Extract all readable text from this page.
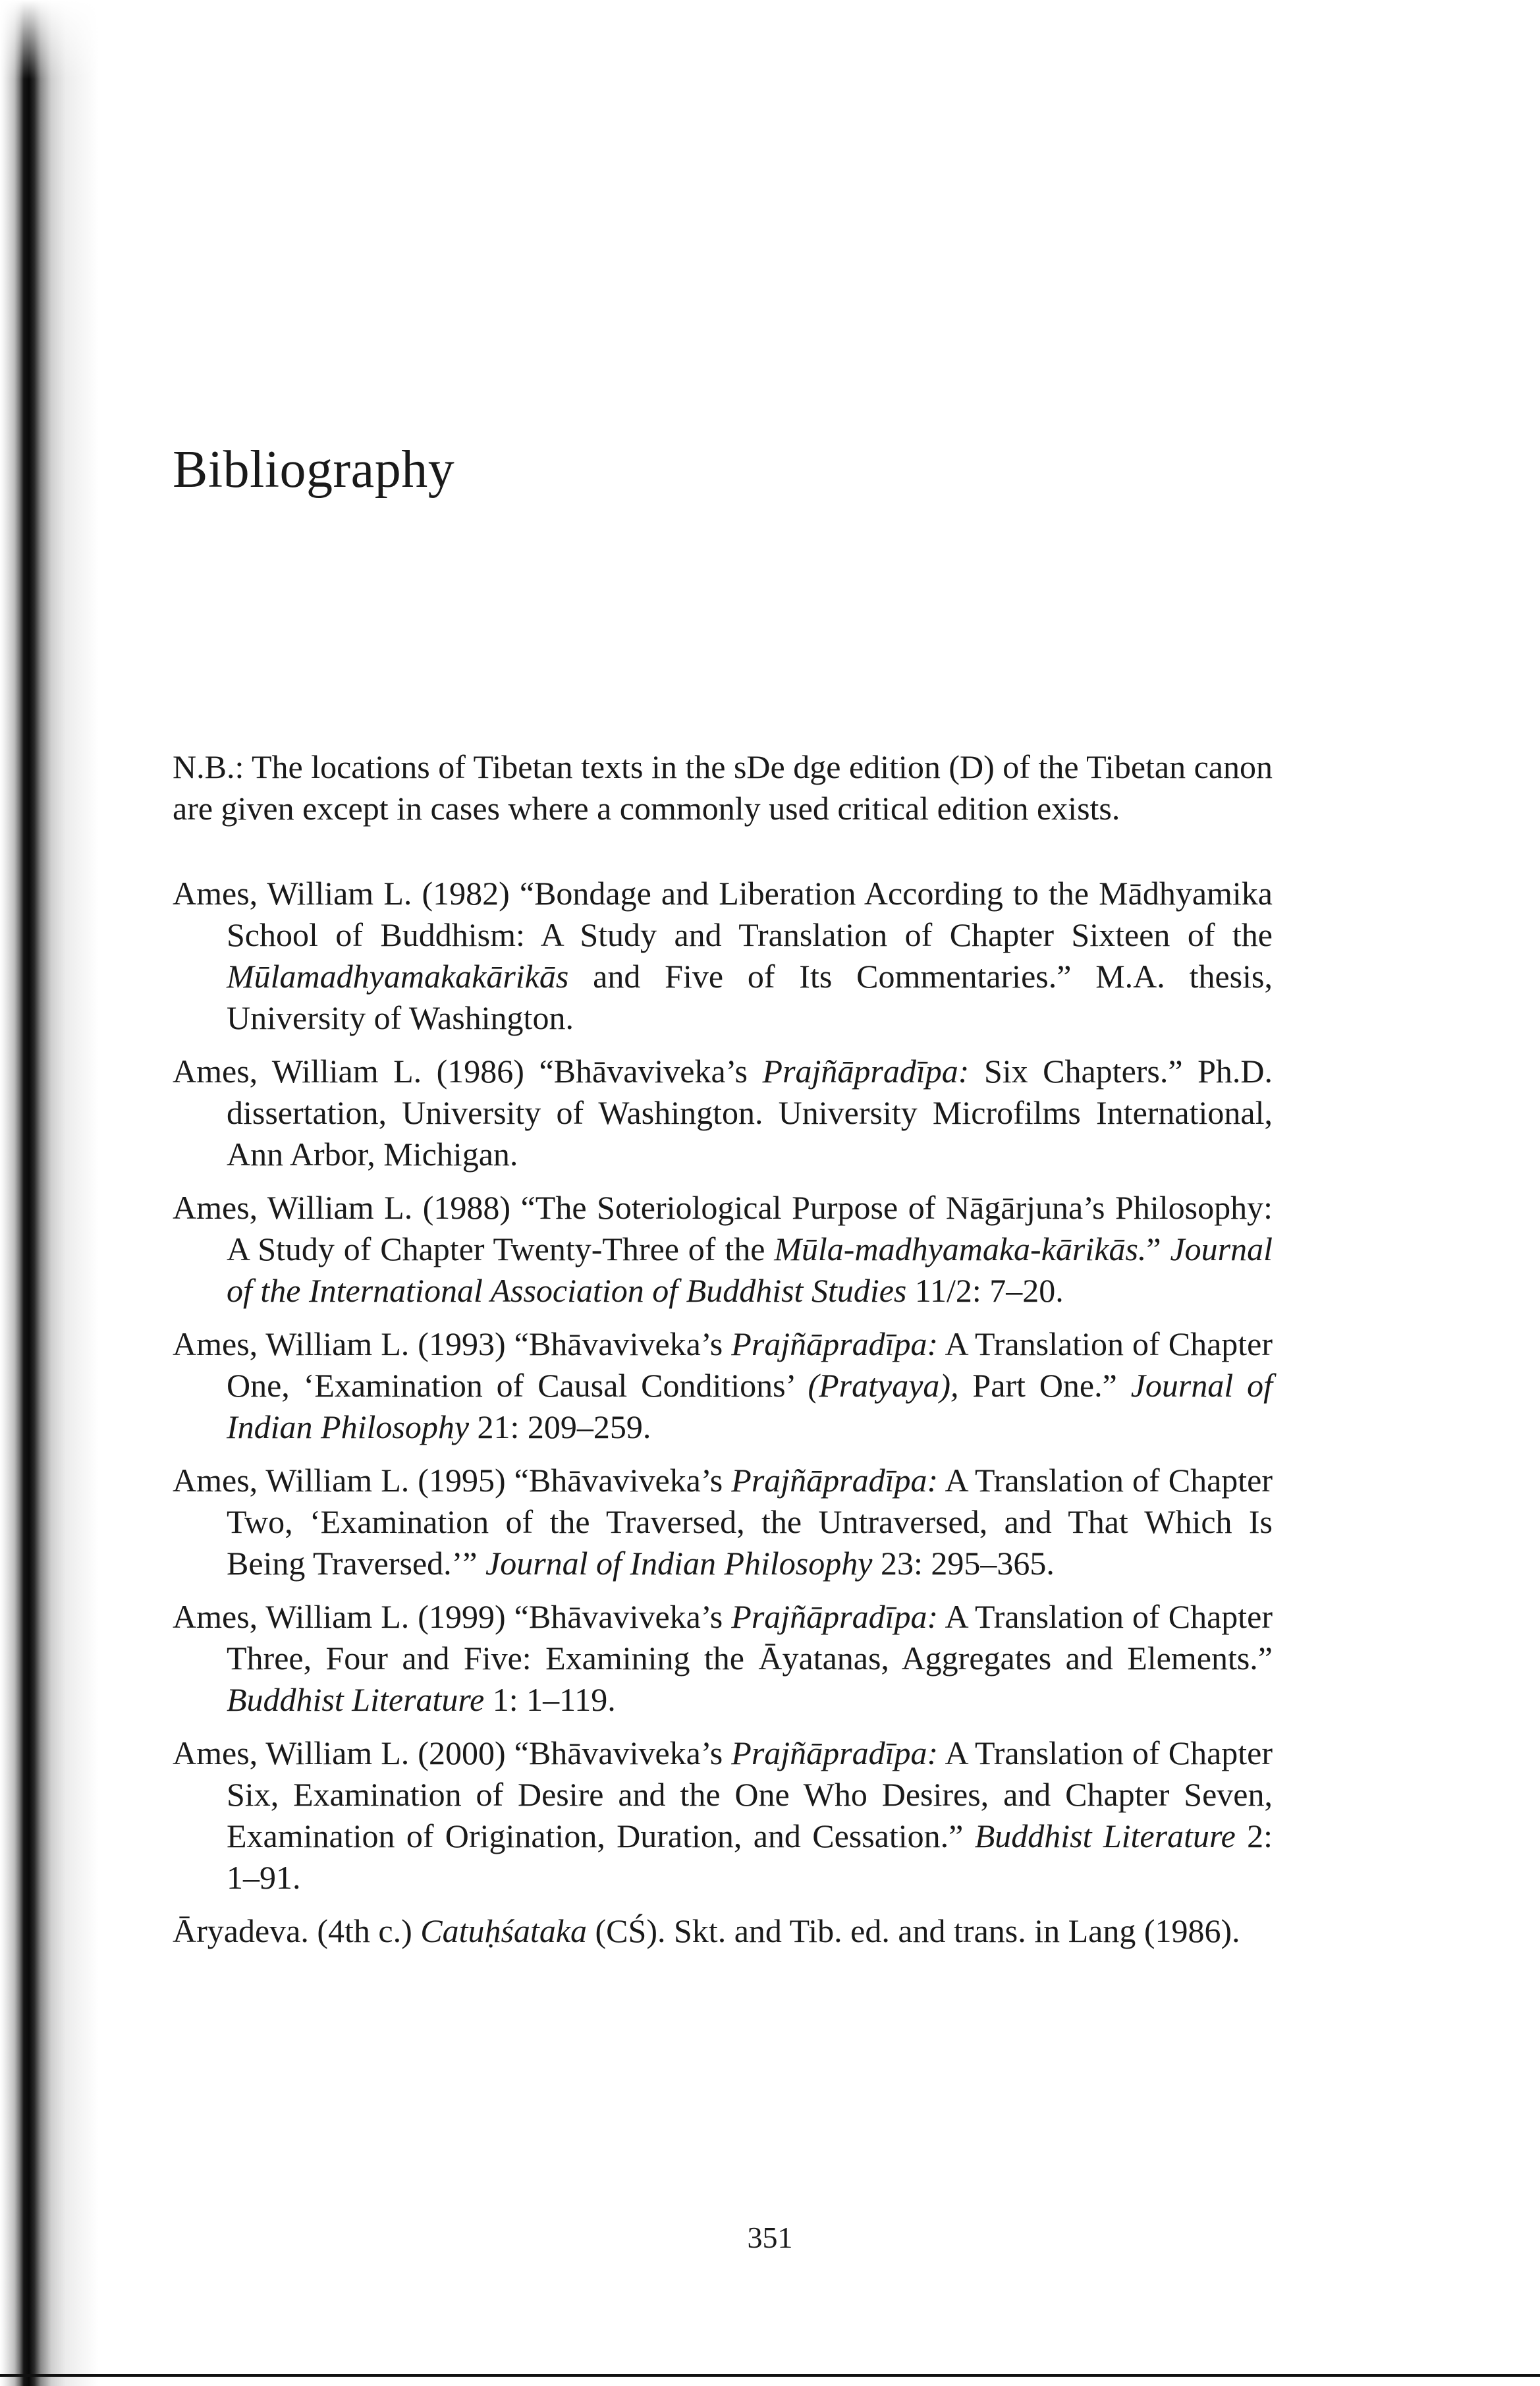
Bibliography

N.B.: The locations of Tibetan texts in the sDe dge edition (D) of the Tibetan canon are given except in cases where a commonly used critical edition exists.

Ames, William L. (1982) “Bondage and Liberation According to the Mādhyamika School of Buddhism: A Study and Translation of Chapter Sixteen of the Mūlamadhyamakakārikās and Five of Its Commentaries.” M.A. thesis, University of Washington.

Ames, William L. (1986) “Bhāvaviveka’s Prajñāpradīpa: Six Chapters.” Ph.D. dissertation, University of Washington. University Microfilms International, Ann Arbor, Michigan.

Ames, William L. (1988) “The Soteriological Purpose of Nāgārjuna’s Philosophy: A Study of Chapter Twenty-Three of the Mūla-madhyamaka-kārikās.” Journal of the International Association of Buddhist Studies 11/2: 7–20.

Ames, William L. (1993) “Bhāvaviveka’s Prajñāpradīpa: A Translation of Chapter One, ‘Examination of Causal Conditions’ (Pratyaya), Part One.” Journal of Indian Philosophy 21: 209–259.

Ames, William L. (1995) “Bhāvaviveka’s Prajñāpradīpa: A Translation of Chapter Two, ‘Examination of the Traversed, the Untraversed, and That Which Is Being Traversed.’” Journal of Indian Philosophy 23: 295–365.

Ames, William L. (1999) “Bhāvaviveka’s Prajñāpradīpa: A Translation of Chapter Three, Four and Five: Examining the Āyatanas, Aggregates and Elements.” Buddhist Literature 1: 1–119.

Ames, William L. (2000) “Bhāvaviveka’s Prajñāpradīpa: A Translation of Chapter Six, Examination of Desire and the One Who Desires, and Chapter Seven, Examination of Origination, Duration, and Cessation.” Buddhist Literature 2: 1–91.

Āryadeva. (4th c.) Catuḥśataka (CŚ). Skt. and Tib. ed. and trans. in Lang (1986).

351
